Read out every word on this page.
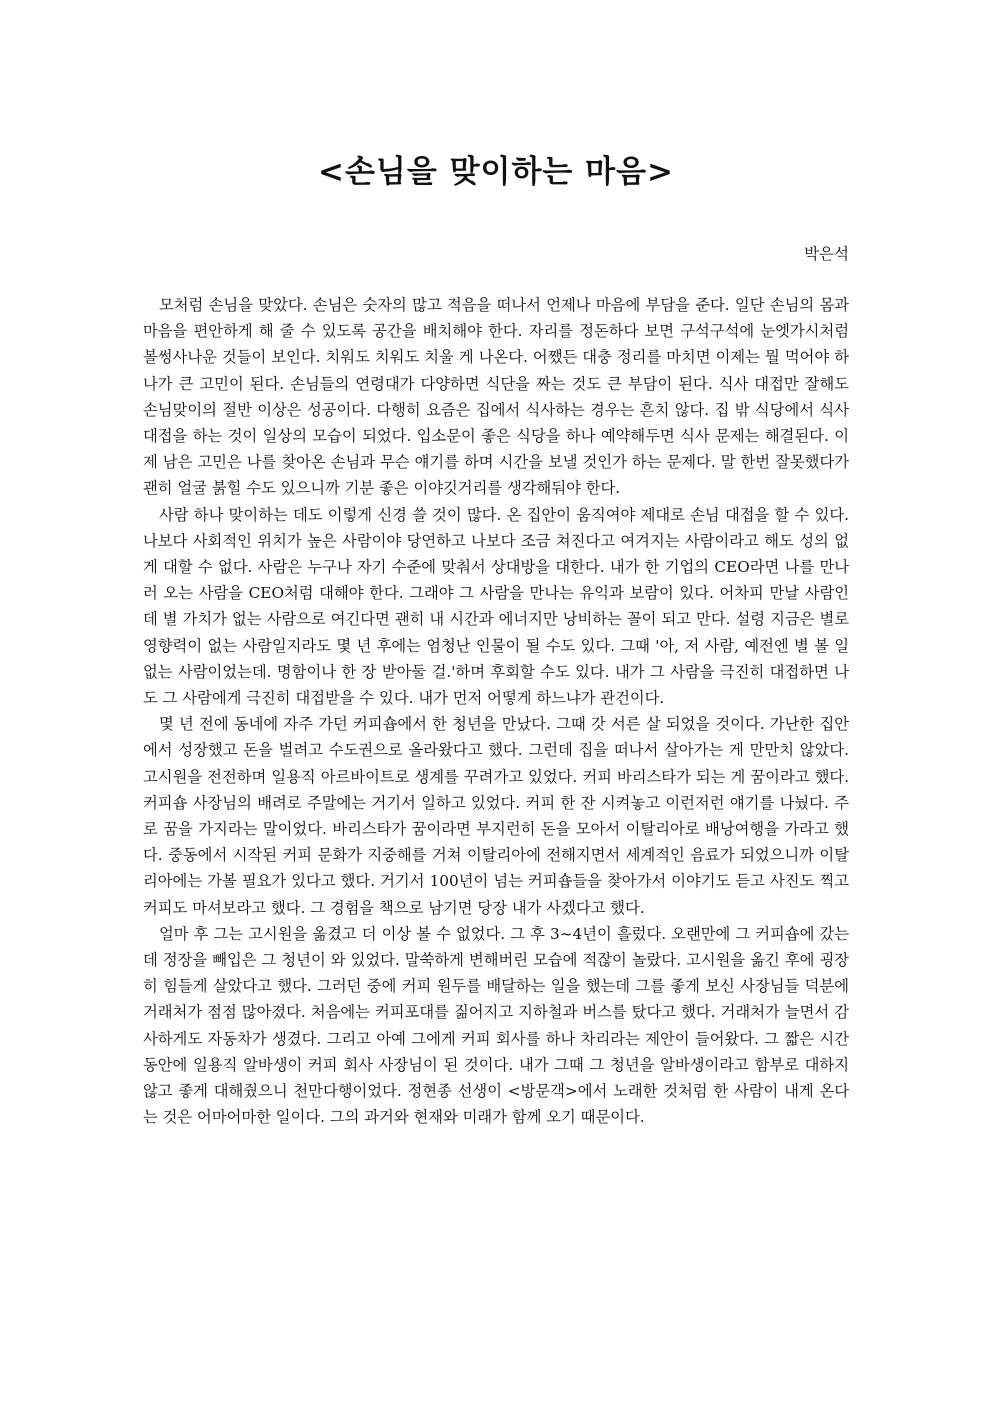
<손님을 맞이하는 마음>
박은석

모처럼 손님을 맞았다. 손님은 숫자의 많고 적음을 떠나서 언제나 마음에 부담을 준다. 일단 손님의 몸과 마음을 편안하게 해 줄 수 있도록 공간을 배치해야 한다. 자리를 정돈하다 보면 구석구석에 눈엣가시처럼 볼썽사나운 것들이 보인다. 치워도 치워도 치울 게 나온다. 어쨌든 대충 정리를 마치면 이제는 뭘 먹어야 하나가 큰 고민이 된다. 손님들의 연령대가 다양하면 식단을 짜는 것도 큰 부담이 된다. 식사 대접만 잘해도 손님맞이의 절반 이상은 성공이다. 다행히 요즘은 집에서 식사하는 경우는 흔치 않다. 집 밖 식당에서 식사 대접을 하는 것이 일상의 모습이 되었다. 입소문이 좋은 식당을 하나 예약해두면 식사 문제는 해결된다. 이제 남은 고민은 나를 찾아온 손님과 무슨 얘기를 하며 시간을 보낼 것인가 하는 문제다. 말 한번 잘못했다가 괜히 얼굴 붉힐 수도 있으니까 기분 좋은 이야깃거리를 생각해둬야 한다.

사람 하나 맞이하는 데도 이렇게 신경 쓸 것이 많다. 온 집안이 움직여야 제대로 손님 대접을 할 수 있다. 나보다 사회적인 위치가 높은 사람이야 당연하고 나보다 조금 쳐진다고 여겨지는 사람이라고 해도 성의 없게 대할 수 없다. 사람은 누구나 자기 수준에 맞춰서 상대방을 대한다. 내가 한 기업의 CEO라면 나를 만나러 오는 사람을 CEO처럼 대해야 한다. 그래야 그 사람을 만나는 유익과 보람이 있다. 어차피 만날 사람인데 별 가치가 없는 사람으로 여긴다면 괜히 내 시간과 에너지만 낭비하는 꼴이 되고 만다. 설령 지금은 별로 영향력이 없는 사람일지라도 몇 년 후에는 엄청난 인물이 될 수도 있다. 그때 '아, 저 사람, 예전엔 별 볼 일 없는 사람이었는데. 명함이나 한 장 받아둘 걸.'하며 후회할 수도 있다. 내가 그 사람을 극진히 대접하면 나도 그 사람에게 극진히 대접받을 수 있다. 내가 먼저 어떻게 하느냐가 관건이다.

몇 년 전에 동네에 자주 가던 커피숍에서 한 청년을 만났다. 그때 갓 서른 살 되었을 것이다. 가난한 집안에서 성장했고 돈을 벌려고 수도권으로 올라왔다고 했다. 그런데 집을 떠나서 살아가는 게 만만치 않았다. 고시원을 전전하며 일용직 아르바이트로 생계를 꾸려가고 있었다. 커피 바리스타가 되는 게 꿈이라고 했다. 커피숍 사장님의 배려로 주말에는 거기서 일하고 있었다. 커피 한 잔 시켜놓고 이런저런 얘기를 나눴다. 주로 꿈을 가지라는 말이었다. 바리스타가 꿈이라면 부지런히 돈을 모아서 이탈리아로 배낭여행을 가라고 했다. 중동에서 시작된 커피 문화가 지중해를 거쳐 이탈리아에 전해지면서 세계적인 음료가 되었으니까 이탈리아에는 가볼 필요가 있다고 했다. 거기서 100년이 넘는 커피숍들을 찾아가서 이야기도 듣고 사진도 찍고 커피도 마셔보라고 했다. 그 경험을 책으로 남기면 당장 내가 사겠다고 했다.

얼마 후 그는 고시원을 옮겼고 더 이상 볼 수 없었다. 그 후 3~4년이 흘렀다. 오랜만에 그 커피숍에 갔는데 정장을 빼입은 그 청년이 와 있었다. 말쑥하게 변해버린 모습에 적잖이 놀랐다. 고시원을 옮긴 후에 굉장히 힘들게 살았다고 했다. 그러던 중에 커피 원두를 배달하는 일을 했는데 그를 좋게 보신 사장님들 덕분에 거래처가 점점 많아졌다. 처음에는 커피포대를 짊어지고 지하철과 버스를 탔다고 했다. 거래처가 늘면서 감사하게도 자동차가 생겼다. 그리고 아예 그에게 커피 회사를 하나 차리라는 제안이 들어왔다. 그 짧은 시간 동안에 일용직 알바생이 커피 회사 사장님이 된 것이다. 내가 그때 그 청년을 알바생이라고 함부로 대하지 않고 좋게 대해줬으니 천만다행이었다. 정현종 선생이 <방문객>에서 노래한 것처럼 한 사람이 내게 온다는 것은 어마어마한 일이다. 그의 과거와 현재와 미래가 함께 오기 때문이다.
